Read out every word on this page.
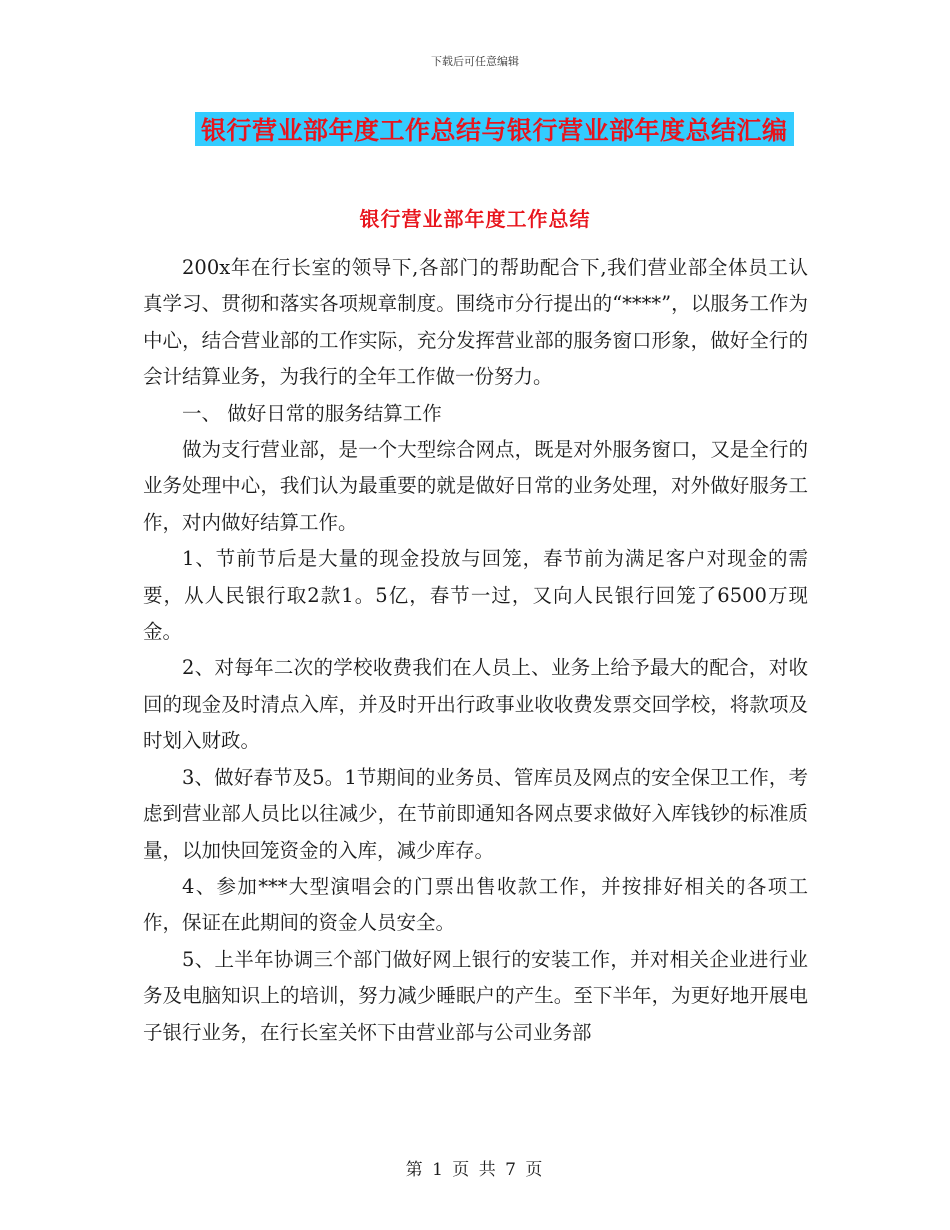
下载后可任意编辑
银行营业部年度工作总结与银行营业部年度总结汇编
银行营业部年度工作总结

200x年在行长室的领导下,各部门的帮助配合下,我们营业部全体员工认真学习、贯彻和落实各项规章制度。围绕市分行提出的“****”，以服务工作为中心，结合营业部的工作实际，充分发挥营业部的服务窗口形象，做好全行的会计结算业务，为我行的全年工作做一份努力。

一、 做好日常的服务结算工作

做为支行营业部，是一个大型综合网点，既是对外服务窗口，又是全行的业务处理中心，我们认为最重要的就是做好日常的业务处理，对外做好服务工作，对内做好结算工作。

1、节前节后是大量的现金投放与回笼，春节前为满足客户对现金的需要，从人民银行取2款1。5亿，春节一过，又向人民银行回笼了6500万现金。

2、对每年二次的学校收费我们在人员上、业务上给予最大的配合，对收回的现金及时清点入库，并及时开出行政事业收收费发票交回学校，将款项及时划入财政。

3、做好春节及5。1节期间的业务员、管库员及网点的安全保卫工作，考虑到营业部人员比以往减少，在节前即通知各网点要求做好入库钱钞的标准质量，以加快回笼资金的入库，减少库存。

4、参加***大型演唱会的门票出售收款工作，并按排好相关的各项工作，保证在此期间的资金人员安全。

5、上半年协调三个部门做好网上银行的安装工作，并对相关企业进行业务及电脑知识上的培训，努力减少睡眠户的产生。至下半年，为更好地开展电子银行业务，在行长室关怀下由营业部与公司业务部

第 1 页 共 7 页
